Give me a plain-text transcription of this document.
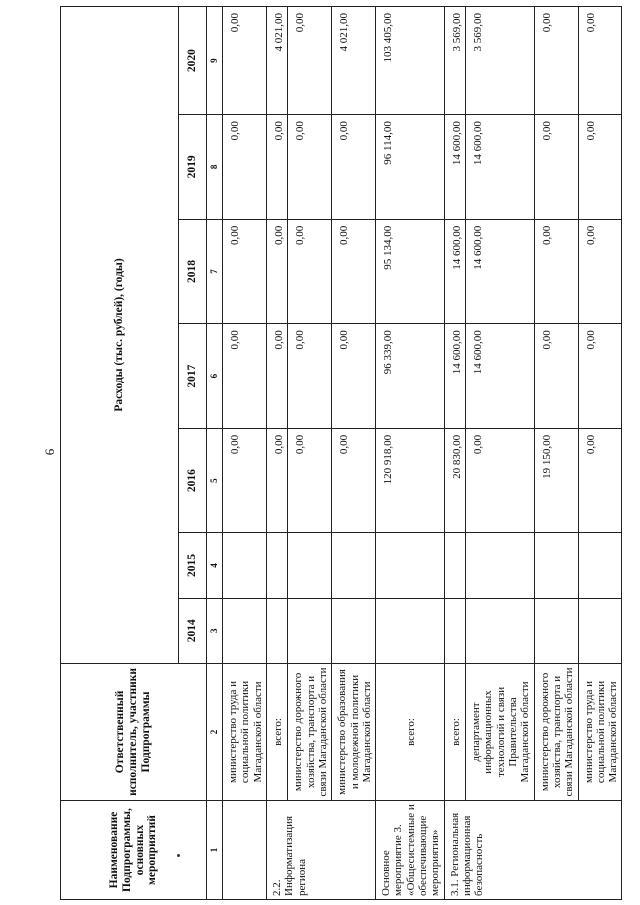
6
Наименование Подпрограммы, основных мероприятий	Ответственный исполнитель, участники Подпрограммы	Расходы (тыс. рублей), (годы)						
		2014	2015	2016	2017	2018	2019	2020
1	2	3	4	5	6	7	8	9
	министерство труда и социальной политики Магаданской области			0,00	0,00	0,00	0,00	0,00
2.2. Информатизация региона	всего:			0,00	0,00	0,00	0,00	4 021,00
	министерство дорожного хозяйства, транспорта и связи Магаданской области			0,00	0,00	0,00	0,00	0,00
	министерство образования и молодежной политики Магаданской области			0,00	0,00	0,00	0,00	4 021,00
Основное мероприятие 3. «Общесистемные и обеспечивающие мероприятия»	всего:			120 918,00	96 339,00	95 134,00	96 114,00	103 405,00
3.1. Региональная информационная безопасность	всего:			20 830,00	14 600,00	14 600,00	14 600,00	3 569,00
	департамент информационных технологий и связи Правительства Магаданской области			0,00	14 600,00	14 600,00	14 600,00	3 569,00
	министерство дорожного хозяйства, транспорта и связи Магаданской области			19 150,00	0,00	0,00	0,00	0,00
	министерство труда и социальной политики Магаданской области			0,00	0,00	0,00	0,00	0,00
